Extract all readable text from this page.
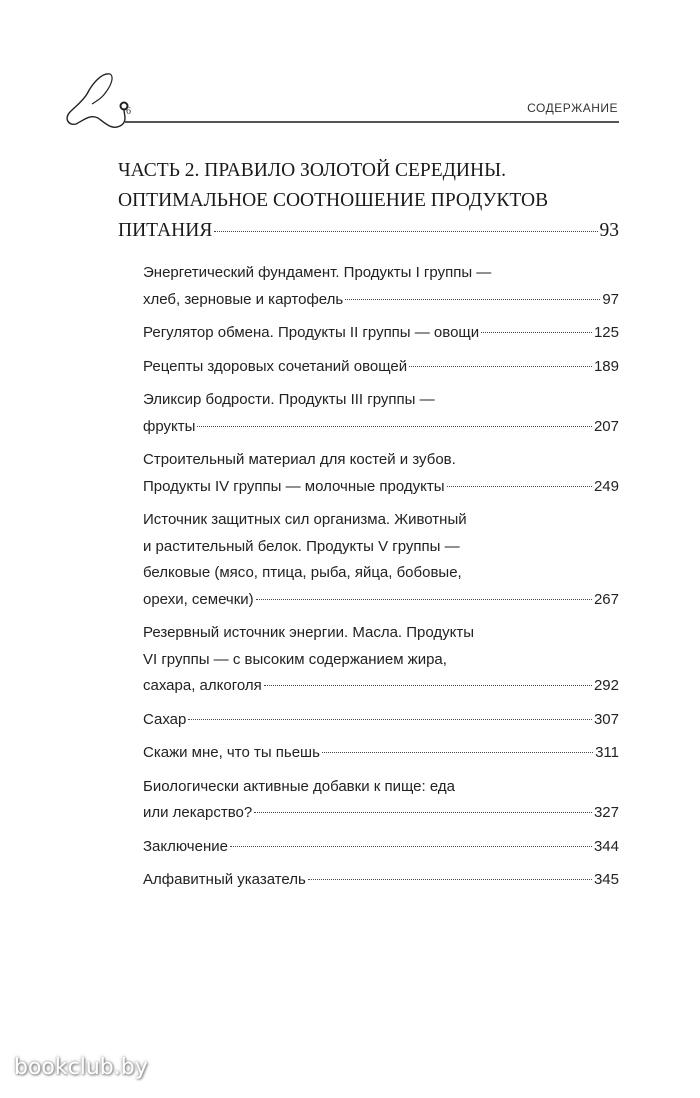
6	СОДЕРЖАНИЕ
ЧАСТЬ 2. ПРАВИЛО ЗОЛОТОЙ СЕРЕДИНЫ.
ОПТИМАЛЬНОЕ СООТНОШЕНИЕ ПРОДУКТОВ
ПИТАНИЯ	93
Энергетический фундамент. Продукты I группы —
хлеб, зерновые и картофель	97
Регулятор обмена. Продукты II группы — овощи	125
Рецепты здоровых сочетаний овощей	189
Эликсир бодрости. Продукты III группы —
фрукты	207
Строительный материал для костей и зубов.
Продукты IV группы — молочные продукты	249
Источник защитных сил организма. Животный
и растительный белок. Продукты V группы —
белковые (мясо, птица, рыба, яйца, бобовые,
орехи, семечки)	267
Резервный источник энергии. Масла. Продукты
VI группы — с высоким содержанием жира,
сахара, алкоголя	292
Сахар	307
Скажи мне, что ты пьешь	311
Биологически активные добавки к пище: еда
или лекарство?	327
Заключение	344
Алфавитный указатель	345
bookclub.by
